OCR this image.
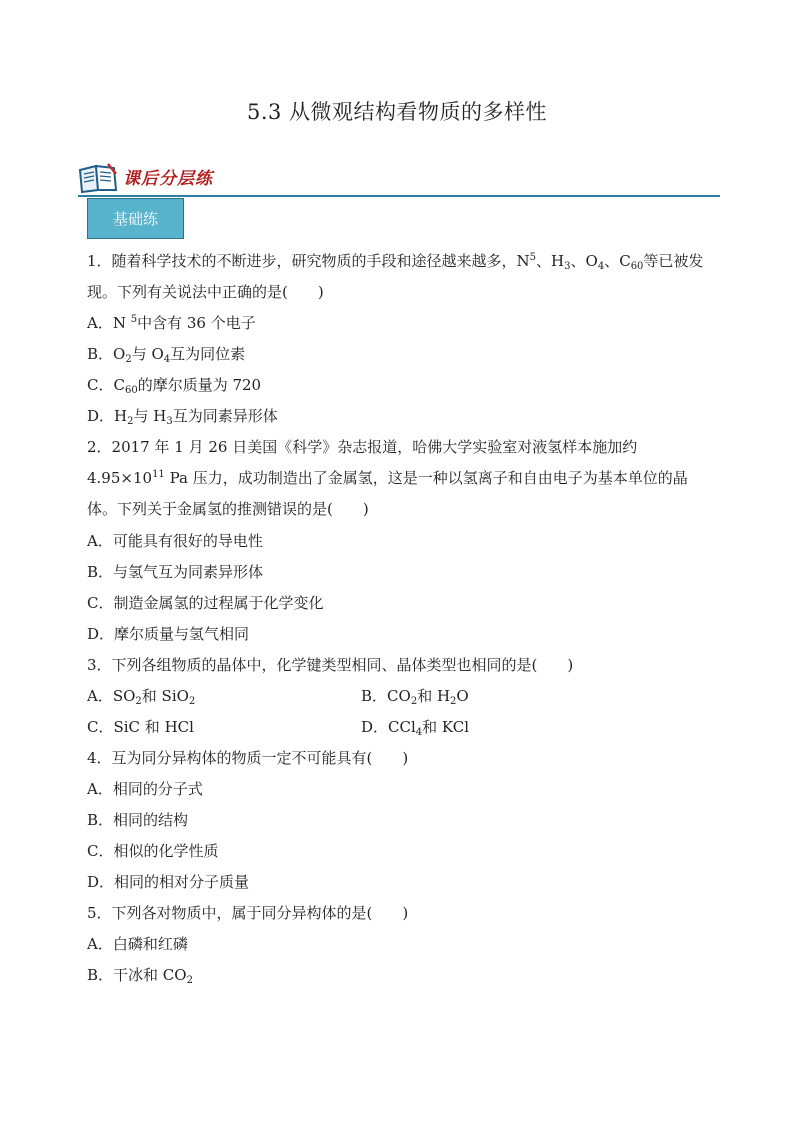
5.3 从微观结构看物质的多样性
课后分层练
基础练
1．随着科学技术的不断进步，研究物质的手段和途径越来越多，$N^5$、$H_3$、$O_4$、$C_{60}$等已被发现。下列有关说法中正确的是(　　)
A．N $^5$中含有 36 个电子
B．$O_2$与 $O_4$互为同位素
C．$C_{60}$的摩尔质量为 720
D．$H_2$与 $H_3$互为同素异形体
2．2017 年 1 月 26 日美国《科学》杂志报道，哈佛大学实验室对液氢样本施加约 $4.95\times 10^{11}$ Pa 压力，成功制造出了金属氢，这是一种以氢离子和自由电子为基本单位的晶体。下列关于金属氢的推测错误的是(　　)
A．可能具有很好的导电性
B．与氢气互为同素异形体
C．制造金属氢的过程属于化学变化
D．摩尔质量与氢气相同
3．下列各组物质的晶体中，化学键类型相同、晶体类型也相同的是(　　)
A．$SO_2$和 SiO$_2$	B．$CO_2$和 $H_2O$
C．SiC 和 HCl	D．CCl$_4$和 KCl
4．互为同分异构体的物质一定不可能具有(　　)
A．相同的分子式
B．相同的结构
C．相似的化学性质
D．相同的相对分子质量
5．下列各对物质中，属于同分异构体的是(　　)
A．白磷和红磷
B．干冰和 $CO_2$
